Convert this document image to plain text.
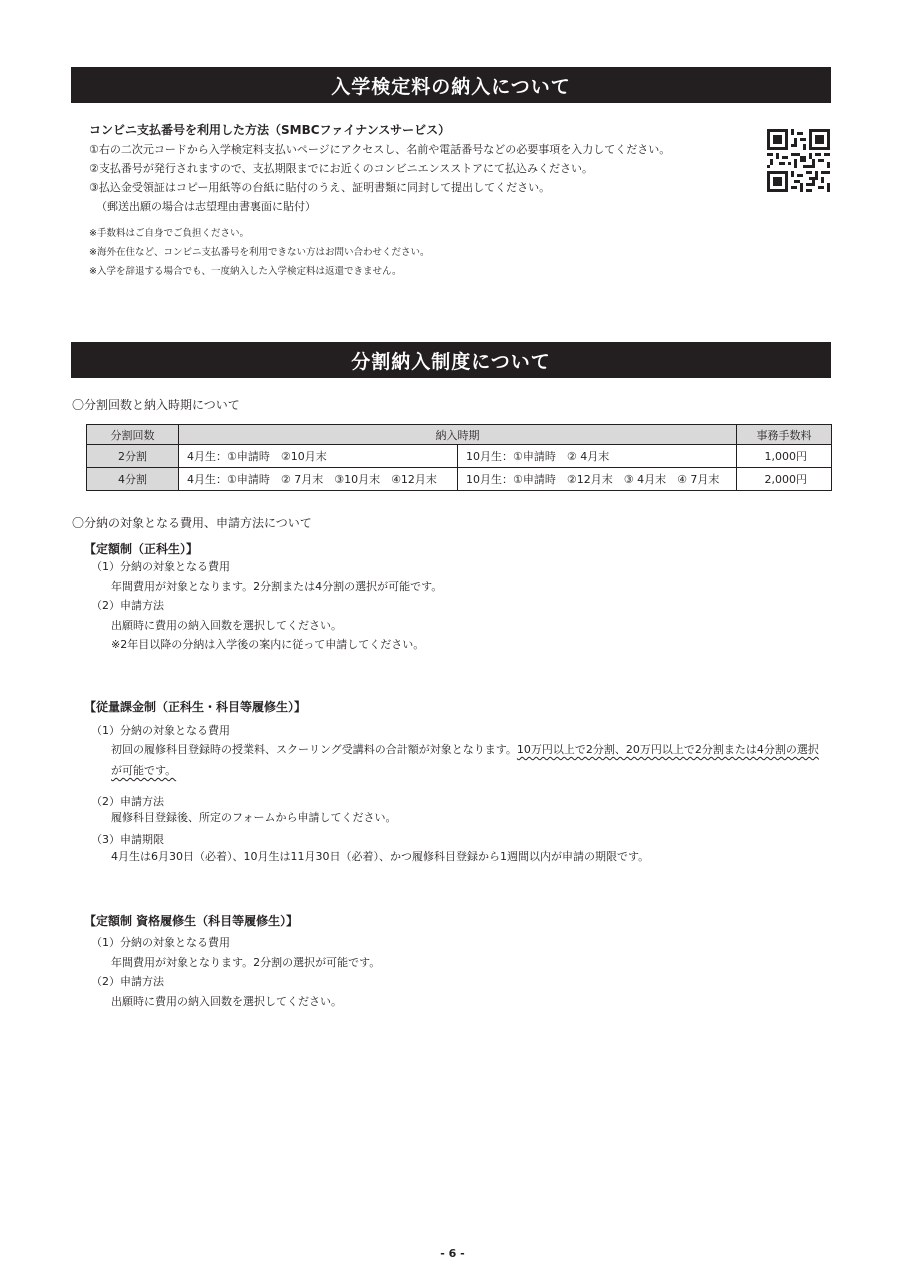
入学検定料の納入について
コンビニ支払番号を利用した方法（SMBCファイナンスサービス）
①右の二次元コードから入学検定料支払いページにアクセスし、名前や電話番号などの必要事項を入力してください。
②支払番号が発行されますので、支払期限までにお近くのコンビニエンスストアにて払込みください。
③払込金受領証はコピー用紙等の台紙に貼付のうえ、証明書類に同封して提出してください。
（郵送出願の場合は志望理由書裏面に貼付）
※手数料はご自身でご負担ください。
※海外在住など、コンビニ支払番号を利用できない方はお問い合わせください。
※入学を辞退する場合でも、一度納入した入学検定料は返還できません。
分割納入制度について
〇分割回数と納入時期について
分割回数	納入時期		事務手数料
2分割	4月生：①申請時　②10月末	10月生：①申請時　② 4月末	1,000円
4分割	4月生：①申請時　② 7月末　③10月末　④12月末	10月生：①申請時　②12月末　③ 4月末　④ 7月末	2,000円
〇分納の対象となる費用、申請方法について
【定額制（正科生）】
（1）分納の対象となる費用
年間費用が対象となります。2分割または4分割の選択が可能です。
（2）申請方法
出願時に費用の納入回数を選択してください。
※2年目以降の分納は入学後の案内に従って申請してください。
【従量課金制（正科生・科目等履修生）】
（1）分納の対象となる費用
初回の履修科目登録時の授業料、スクーリング受講料の合計額が対象となります。10万円以上で2分割、20万円以上で2分割または4分割の選択
が可能です。
（2）申請方法
履修科目登録後、所定のフォームから申請してください。
（3）申請期限
4月生は6月30日（必着）、10月生は11月30日（必着）、かつ履修科目登録から1週間以内が申請の期限です。
【定額制 資格履修生（科目等履修生）】
（1）分納の対象となる費用
年間費用が対象となります。2分割の選択が可能です。
（2）申請方法
出願時に費用の納入回数を選択してください。
- 6 -
